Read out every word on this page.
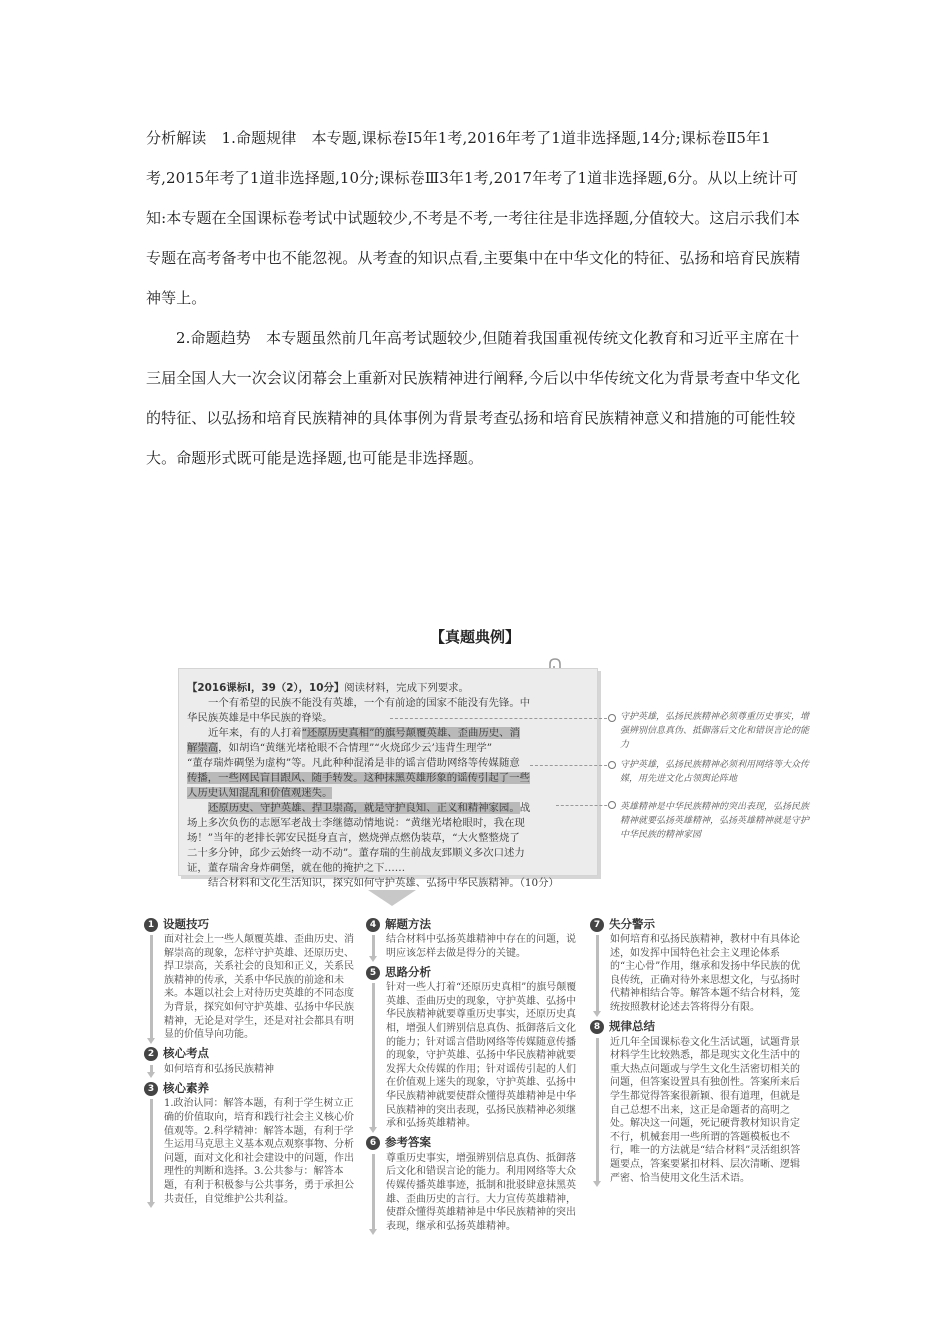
分析解读　1.命题规律　本专题,课标卷Ⅰ5年1考,2016年考了1道非选择题,14分;课标卷Ⅱ5年1考,2015年考了1道非选择题,10分;课标卷Ⅲ3年1考,2017年考了1道非选择题,6分。从以上统计可知:本专题在全国课标卷考试中试题较少,不考是不考,一考往往是非选择题,分值较大。这启示我们本专题在高考备考中也不能忽视。从考查的知识点看,主要集中在中华文化的特征、弘扬和培育民族精神等上。

2.命题趋势　本专题虽然前几年高考试题较少,但随着我国重视传统文化教育和习近平主席在十三届全国人大一次会议闭幕会上重新对民族精神进行阐释,今后以中华传统文化为背景考查中华文化的特征、以弘扬和培育民族精神的具体事例为背景考查弘扬和培育民族精神意义和措施的可能性较大。命题形式既可能是选择题,也可能是非选择题。

【真题典例】
【2016课标Ⅰ，39（2），10分】阅读材料，完成下列要求。
一个有希望的民族不能没有英雄，一个有前途的国家不能没有先锋。中
华民族英雄是中华民族的脊梁。
近年来，有的人打着“还原历史真相”的旗号颠覆英雄、歪曲历史、消
解崇高，如胡诌“黄继光堵枪眼不合情理”“火烧邱少云’违背生理学”
“董存瑞炸碉堡为虚构”等。凡此种种混淆是非的谣言借助网络等传媒随意
传播，一些网民盲目跟风、随手转发。这种抹黑英雄形象的谣传引起了一些
人历史认知混乱和价值观迷失。
还原历史、守护英雄、捍卫崇高，就是守护良知、正义和精神家园。战
场上多次负伤的志愿军老战士李继德动情地说：“黄继光堵枪眼时，我在现
场！”当年的老排长郭安民挺身直言，燃烧弹点燃伪装草，“大火整整烧了
二十多分钟，邱少云始终一动不动”。董存瑞的生前战友郅顺义多次口述力
证，董存瑞舍身炸碉堡，就在他的掩护之下……
结合材料和文化生活知识，探究如何守护英雄、弘扬中华民族精神。（10分）
守护英雄，弘扬民族精神必须尊重历史事实，增强辨别信息真伪、抵御落后文化和错误言论的能力
守护英雄，弘扬民族精神必须利用网络等大众传媒，用先进文化占领舆论阵地
英雄精神是中华民族精神的突出表现，弘扬民族精神就要弘扬英雄精神，弘扬英雄精神就是守护中华民族的精神家园
1 设题技巧

面对社会上一些人颠覆英雄、歪曲历史、消解崇高的现象，怎样守护英雄、还原历史、捍卫崇高，关系社会的良知和正义，关系民族精神的传承，关系中华民族的前途和未来。本题以社会上对待历史英雄的不同态度为背景，探究如何守护英雄、弘扬中华民族精神，无论是对学生，还是对社会都具有明显的价值导向功能。

2 核心考点

如何培育和弘扬民族精神

3 核心素养

1.政治认同：解答本题，有利于学生树立正确的价值取向，培育和践行社会主义核心价值观等。2.科学精神：解答本题，有利于学生运用马克思主义基本观点观察事物、分析问题，面对文化和社会建设中的问题，作出理性的判断和选择。3.公共参与：解答本题，有利于积极参与公共事务，勇于承担公共责任，自觉维护公共利益。

4 解题方法

结合材料中弘扬英雄精神中存在的问题，说明应该怎样去做是得分的关键。

5 思路分析

针对一些人打着“还原历史真相”的旗号颠覆英雄、歪曲历史的现象，守护英雄、弘扬中华民族精神就要尊重历史事实，还原历史真相，增强人们辨别信息真伪、抵御落后文化的能力；针对谣言借助网络等传媒随意传播的现象，守护英雄、弘扬中华民族精神就要发挥大众传媒的作用；针对谣传引起的人们在价值观上迷失的现象，守护英雄、弘扬中华民族精神就要使群众懂得英雄精神是中华民族精神的突出表现，弘扬民族精神必须继承和弘扬英雄精神。

6 参考答案

尊重历史事实，增强辨别信息真伪、抵御落后文化和错误言论的能力。利用网络等大众传媒传播英雄事迹，抵制和批驳肆意抹黑英雄、歪曲历史的言行。大力宣传英雄精神，使群众懂得英雄精神是中华民族精神的突出表现，继承和弘扬英雄精神。

7 失分警示

如何培育和弘扬民族精神，教材中有具体论述，如发挥中国特色社会主义理论体系的“主心骨”作用，继承和发扬中华民族的优良传统，正确对待外来思想文化，与弘扬时代精神相结合等。解答本题不结合材料，笼统按照教材论述去答将得分有限。

8 规律总结

近几年全国课标卷文化生活试题，试题背景材料学生比较熟悉，都是现实文化生活中的重大热点问题或与学生文化生活密切相关的问题，但答案设置具有独创性。答案所来后学生都觉得答案很新颖、很有道理，但就是自己总想不出来，这正是命题者的高明之处。解决这一问题，死记硬背教材知识肯定不行，机械套用一些所谓的答题模板也不行，唯一的方法就是“结合材料”灵活组织答题要点，答案要紧扣材料、层次清晰、逻辑严密、恰当使用文化生活术语。
